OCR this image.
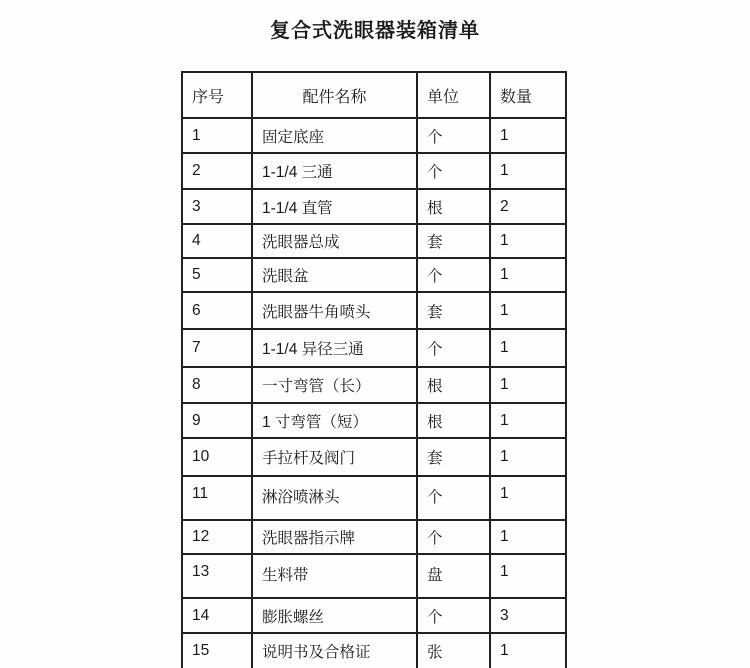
复合式洗眼器装箱清单
序号	配件名称	单位	数量
1	固定底座	个	1
2	1-1/4 三通	个	1
3	1-1/4 直管	根	2
4	洗眼器总成	套	1
5	洗眼盆	个	1
6	洗眼器牛角喷头	套	1
7	1-1/4 异径三通	个	1
8	一寸弯管（长）	根	1
9	1 寸弯管（短）	根	1
10	手拉杆及阀门	套	1
11	淋浴喷淋头	个	1
12	洗眼器指示牌	个	1
13	生料带	盘	1
14	膨胀螺丝	个	3
15	说明书及合格证	张	1
